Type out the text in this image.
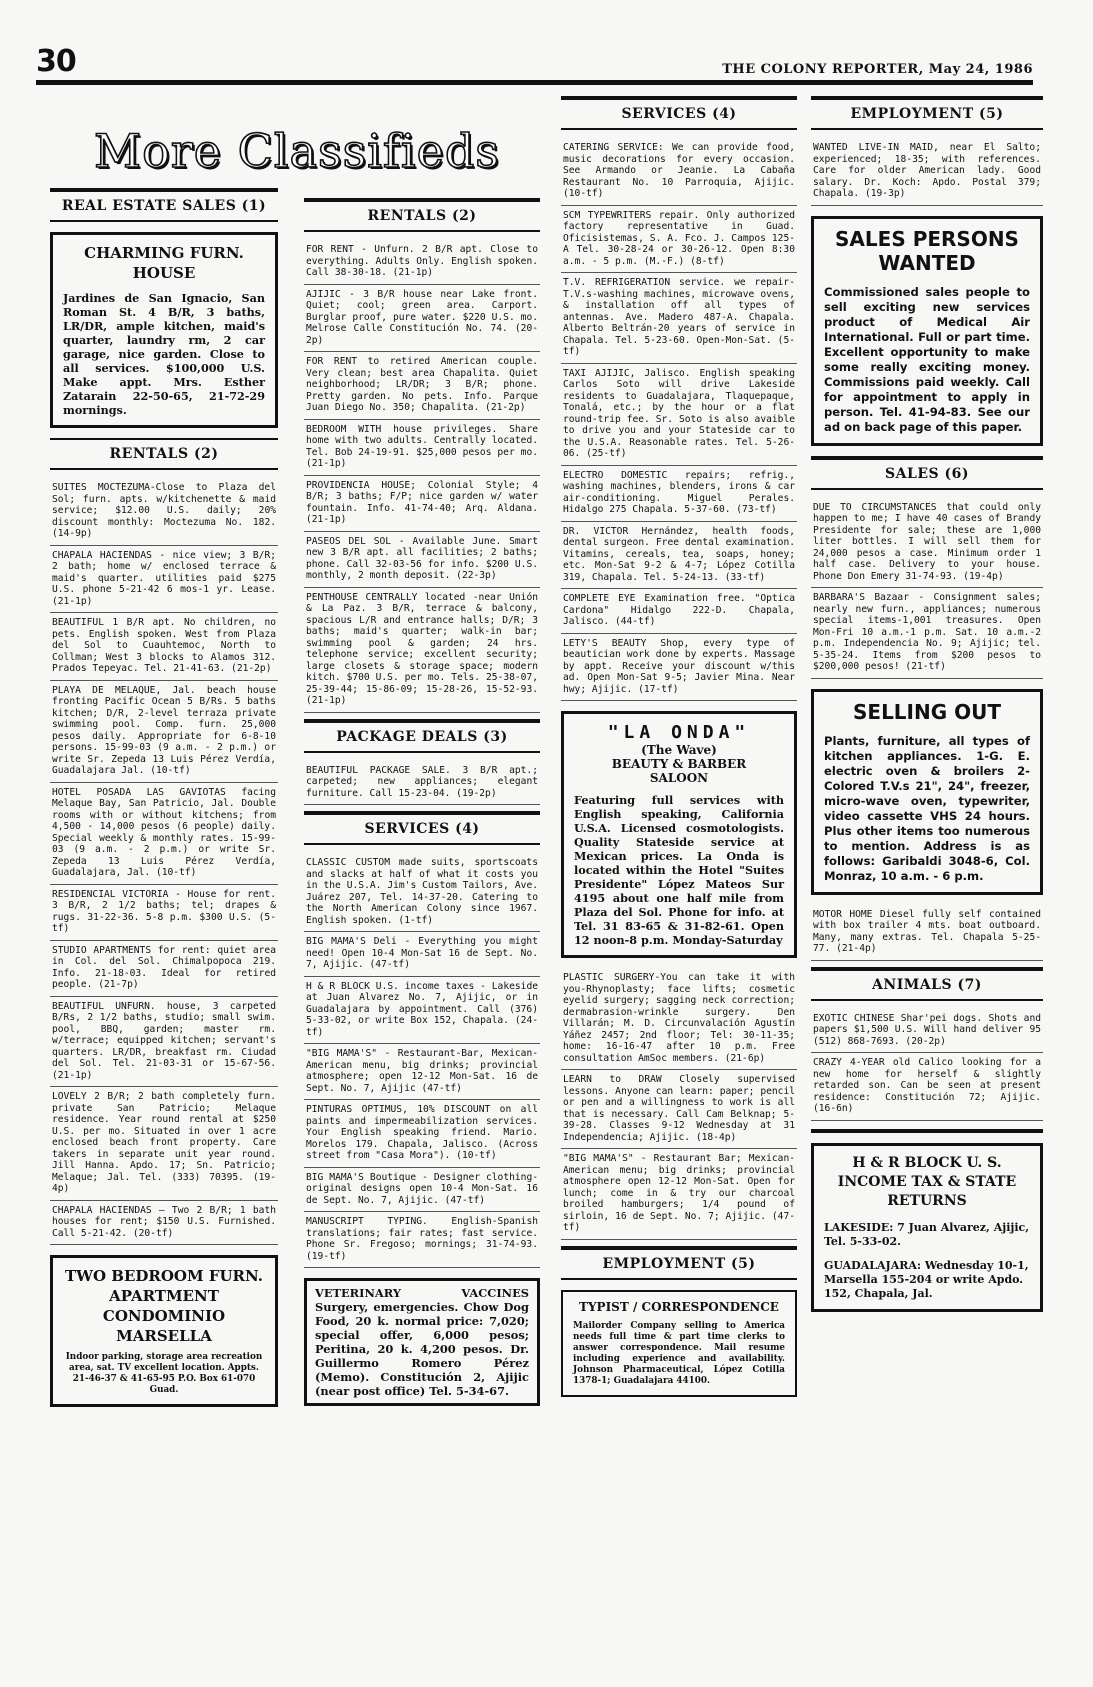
30	THE COLONY REPORTER, May 24, 1986
More Classifieds
REAL ESTATE SALES (1)
CHARMING FURN. HOUSE
Jardines de San Ignacio, San Roman St. 4 B/R, 3 baths, LR/DR, ample kitchen, maid's quarter, laundry rm, 2 car garage, nice garden. Close to all services. $100,000 U.S. Make appt. Mrs. Esther Zatarain 22-50-65, 21-72-29 mornings.
RENTALS (2)

SUITES MOCTEZUMA-Close to Plaza del Sol; furn. apts. w/kitchenette & maid service; $12.00 U.S. daily; 20% discount monthly: Moctezuma No. 182. (14-9p)

CHAPALA HACIENDAS - nice view; 3 B/R; 2 bath; home w/ enclosed terrace & maid's quarter. utilities paid $275 U.S. phone 5-21-42 6 mos-1 yr. Lease. (21-1p)

BEAUTIFUL 1 B/R apt. No children, no pets. English spoken. West from Plaza del Sol to Cuauhtemoc, North to Collman; West 3 blocks to Alamos 312. Prados Tepeyac. Tel. 21-41-63. (21-2p)

PLAYA DE MELAQUE, Jal. beach house fronting Pacific Ocean 5 B/Rs. 5 baths kitchen; D/R, 2-level terraza private swimming pool. Comp. furn. 25,000 pesos daily. Appropriate for 6-8-10 persons. 15-99-03 (9 a.m. - 2 p.m.) or write Sr. Zepeda 13 Luis Pérez Verdía, Guadalajara Jal. (10-tf)

HOTEL POSADA LAS GAVIOTAS facing Melaque Bay, San Patricio, Jal. Double rooms with or without kitchens; from 4,500 - 14,000 pesos (6 people) daily. Special weekly & monthly rates. 15-99-03 (9 a.m. - 2 p.m.) or write Sr. Zepeda 13 Luis Pérez Verdía, Guadalajara, Jal. (10-tf)

RESIDENCIAL VICTORIA - House for rent. 3 B/R, 2 1/2 baths; tel; drapes & rugs. 31-22-36. 5-8 p.m. $300 U.S. (5-tf)

STUDIO APARTMENTS for rent: quiet area in Col. del Sol. Chimalpopoca 219. Info. 21-18-03. Ideal for retired people. (21-7p)

BEAUTIFUL UNFURN. house, 3 carpeted B/Rs, 2 1/2 baths, studio; small swim. pool, BBQ, garden; master rm. w/terrace; equipped kitchen; servant's quarters. LR/DR, breakfast rm. Ciudad del Sol. Tel. 21-03-31 or 15-67-56. (21-1p)

LOVELY 2 B/R; 2 bath completely furn. private San Patricio; Melaque residence. Year round rental at $250 U.S. per mo. Situated in over 1 acre enclosed beach front property. Care takers in separate unit year round. Jill Hanna. Apdo. 17; Sn. Patricio; Melaque; Jal. Tel. (333) 70395. (19-4p)

CHAPALA HACIENDAS — Two 2 B/R; 1 bath houses for rent; $150 U.S. Furnished. Call 5-21-42. (20-tf)

TWO BEDROOM FURN. APARTMENT CONDOMINIO MARSELLA
Indoor parking, storage area recreation area, sat. TV excellent location. Appts. 21-46-37 & 41-65-95 P.O. Box 61-070 Guad.
RENTALS (2)

FOR RENT - Unfurn. 2 B/R apt. Close to everything. Adults Only. English spoken. Call 38-30-18. (21-1p)

AJIJIC - 3 B/R house near Lake front. Quiet; cool; green area. Carport. Burglar proof, pure water. $220 U.S. mo. Melrose Calle Constitución No. 74. (20-2p)

FOR RENT to retired American couple. Very clean; best area Chapalita. Quiet neighborhood; LR/DR; 3 B/R; phone. Pretty garden. No pets. Info. Parque Juan Diego No. 350; Chapalita. (21-2p)

BEDROOM WITH house privileges. Share home with two adults. Centrally located. Tel. Bob 24-19-91. $25,000 pesos per mo. (21-1p)

PROVIDENCIA HOUSE; Colonial Style; 4 B/R; 3 baths; F/P; nice garden w/ water fountain. Info. 41-74-40; Arq. Aldana. (21-1p)

PASEOS DEL SOL - Available June. Smart new 3 B/R apt. all facilities; 2 baths; phone. Call 32-03-56 for info. $200 U.S. monthly, 2 month deposit. (22-3p)

PENTHOUSE CENTRALLY located -near Unión & La Paz. 3 B/R, terrace & balcony, spacious L/R and entrance halls; D/R; 3 baths; maid's quarter; walk-in bar; swimming pool & garden; 24 hrs. telephone service; excellent security; large closets & storage space; modern kitch. $700 U.S. per mo. Tels. 25-38-07, 25-39-44; 15-86-09; 15-28-26, 15-52-93. (21-1p)

PACKAGE DEALS (3)

BEAUTIFUL PACKAGE SALE. 3 B/R apt.; carpeted; new appliances; elegant furniture. Call 15-23-04. (19-2p)

SERVICES (4)

CLASSIC CUSTOM made suits, sportscoats and slacks at half of what it costs you in the U.S.A. Jim's Custom Tailors, Ave. Juárez 207, Tel. 14-37-20. Catering to the North American Colony since 1967. English spoken. (1-tf)

BIG MAMA'S Deli - Everything you might need! Open 10-4 Mon-Sat 16 de Sept. No. 7, Ajijic. (47-tf)

H & R BLOCK U.S. income taxes - Lakeside at Juan Alvarez No. 7, Ajijic, or in Guadalajara by appointment. Call (376) 5-33-02, or write Box 152, Chapala. (24-tf)

"BIG MAMA'S" - Restaurant-Bar, Mexican-American menu, big drinks; provincial atmosphere; open 12-12 Mon-Sat. 16 de Sept. No. 7, Ajijic (47-tf)

PINTURAS OPTIMUS, 10% DISCOUNT on all paints and impermeabilization services. Your English speaking friend. Mario. Morelos 179. Chapala, Jalisco. (Across street from "Casa Mora"). (10-tf)

BIG MAMA'S Boutique - Designer clothing-original designs open 10-4 Mon-Sat. 16 de Sept. No. 7, Ajijic. (47-tf)

MANUSCRIPT TYPING. English-Spanish translations; fair rates; fast service. Phone Sr. Fregoso; mornings; 31-74-93. (19-tf)

VETERINARY VACCINES Surgery, emergencies. Chow Dog Food, 20 k. normal price: 7,020; special offer, 6,000 pesos; Peritina, 20 k. 4,200 pesos. Dr. Guillermo Romero Pérez (Memo). Constitución 2, Ajijic (near post office) Tel. 5-34-67.
SERVICES (4)

CATERING SERVICE: We can provide food, music decorations for every occasion. See Armando or Jeanie. La Cabaña Restaurant No. 10 Parroquia, Ajijic. (10-tf)

SCM TYPEWRITERS repair. Only authorized factory representative in Guad. Oficisistemas, S. A. Fco. J. Campos 125-A Tel. 30-28-24 or 30-26-12. Open 8:30 a.m. - 5 p.m. (M.-F.) (8-tf)

T.V. REFRIGERATION service. we repair-T.V.s-washing machines, microwave ovens, & installation off all types of antennas. Ave. Madero 487-A. Chapala. Alberto Beltrán-20 years of service in Chapala. Tel. 5-23-60. Open-Mon-Sat. (5-tf)

TAXI AJIJIC, Jalisco. English speaking Carlos Soto will drive Lakeside residents to Guadalajara, Tlaquepaque, Tonalá, etc.; by the hour or a flat round-trip fee. Sr. Soto is also avaible to drive you and your Stateside car to the U.S.A. Reasonable rates. Tel. 5-26-06. (25-tf)

ELECTRO DOMESTIC repairs; refrig., washing machines, blenders, irons & car air-conditioning. Miguel Perales. Hidalgo 275 Chapala. 5-37-60. (73-tf)

DR. VICTOR Hernández, health foods, dental surgeon. Free dental examination. Vitamins, cereals, tea, soaps, honey; etc. Mon-Sat 9-2 & 4-7; López Cotilla 319, Chapala. Tel. 5-24-13. (33-tf)

COMPLETE EYE Examination free. "Optica Cardona" Hidalgo 222-D. Chapala, Jalisco. (44-tf)

LETY'S BEAUTY Shop, every type of beautician work done by experts. Massage by appt. Receive your discount w/this ad. Open Mon-Sat 9-5; Javier Mina. Near hwy; Ajijic. (17-tf)

"LA ONDA"
(The Wave)
BEAUTY & BARBER
SALOON
Featuring full services with English speaking, California U.S.A. Licensed cosmotologists. Quality Stateside service at Mexican prices. La Onda is located within the Hotel "Suites Presidente" López Mateos Sur 4195 about one half mile from Plaza del Sol. Phone for info. at Tel. 31 83-65 & 31-82-61. Open 12 noon-8 p.m. Monday-Saturday

PLASTIC SURGERY-You can take it with you-Rhynoplasty; face lifts; cosmetic eyelid surgery; sagging neck correction; dermabrasion-wrinkle surgery. Den Villarán; M. D. Circunvalación Agustín Yáñez 2457; 2nd floor; Tel: 30-11-35; home: 16-16-47 after 10 p.m. Free consultation AmSoc members. (21-6p)

LEARN to DRAW Closely supervised lessons. Anyone can learn: paper; pencil or pen and a willingness to work is all that is necessary. Call Cam Belknap; 5-39-28. Classes 9-12 Wednesday at 31 Independencia; Ajijic. (18-4p)

"BIG MAMA'S" - Restaurant Bar; Mexican-American menu; big drinks; provincial atmosphere open 12-12 Mon-Sat. Open for lunch; come in & try our charcoal broiled hamburgers; 1/4 pound of sirloin, 16 de Sept. No. 7; Ajijic. (47-tf)

EMPLOYMENT (5)
TYPIST / CORRESPONDENCE
Mailorder Company selling to America needs full time & part time clerks to answer correspondence. Mail resume including experience and availability. Johnson Pharmaceutical, López Cotilla 1378-1; Guadalajara 44100.
EMPLOYMENT (5)

WANTED LIVE-IN MAID, near El Salto; experienced; 18-35; with references. Care for older American lady. Good salary. Dr. Koch: Apdo. Postal 379; Chapala. (19-3p)

SALES PERSONS WANTED
Commissioned sales people to sell exciting new services product of Medical Air International. Full or part time. Excellent opportunity to make some really exciting money. Commissions paid weekly. Call for appointment to apply in person. Tel. 41-94-83. See our ad on back page of this paper.
SALES (6)

DUE TO CIRCUMSTANCES that could only happen to me; I have 40 cases of Brandy Presidente for sale; these are 1,000 liter bottles. I will sell them for 24,000 pesos a case. Minimum order 1 half case. Delivery to your house. Phone Don Emery 31-74-93. (19-4p)

BARBARA'S Bazaar - Consignment sales; nearly new furn., appliances; numerous special items-1,001 treasures. Open Mon-Fri 10 a.m.-1 p.m. Sat. 10 a.m.-2 p.m. Independencia No. 9; Ajijic; tel. 5-35-24. Items from $200 pesos to $200,000 pesos! (21-tf)

SELLING OUT
Plants, furniture, all types of kitchen appliances. 1-G. E. electric oven & broilers 2-Colored T.V.s 21", 24", freezer, micro-wave oven, typewriter, video cassette VHS 24 hours. Plus other items too numerous to mention. Address is as follows: Garibaldi 3048-6, Col. Monraz, 10 a.m. - 6 p.m.

MOTOR HOME Diesel fully self contained with box trailer 4 mts. boat outboard. Many, many extras. Tel. Chapala 5-25-77. (21-4p)

ANIMALS (7)

EXOTIC CHINESE Shar'pei dogs. Shots and papers $1,500 U.S. Will hand deliver 95 (512) 868-7693. (20-2p)

CRAZY 4-YEAR old Calico looking for a new home for herself & slightly retarded son. Can be seen at present residence: Constitución 72; Ajijic. (16-6n)

H & R BLOCK U. S. INCOME TAX & STATE RETURNS
LAKESIDE: 7 Juan Alvarez, Ajijic, Tel. 5-33-02.
GUADALAJARA: Wednesday 10-1, Marsella 155-204 or write Apdo. 152, Chapala, Jal.
